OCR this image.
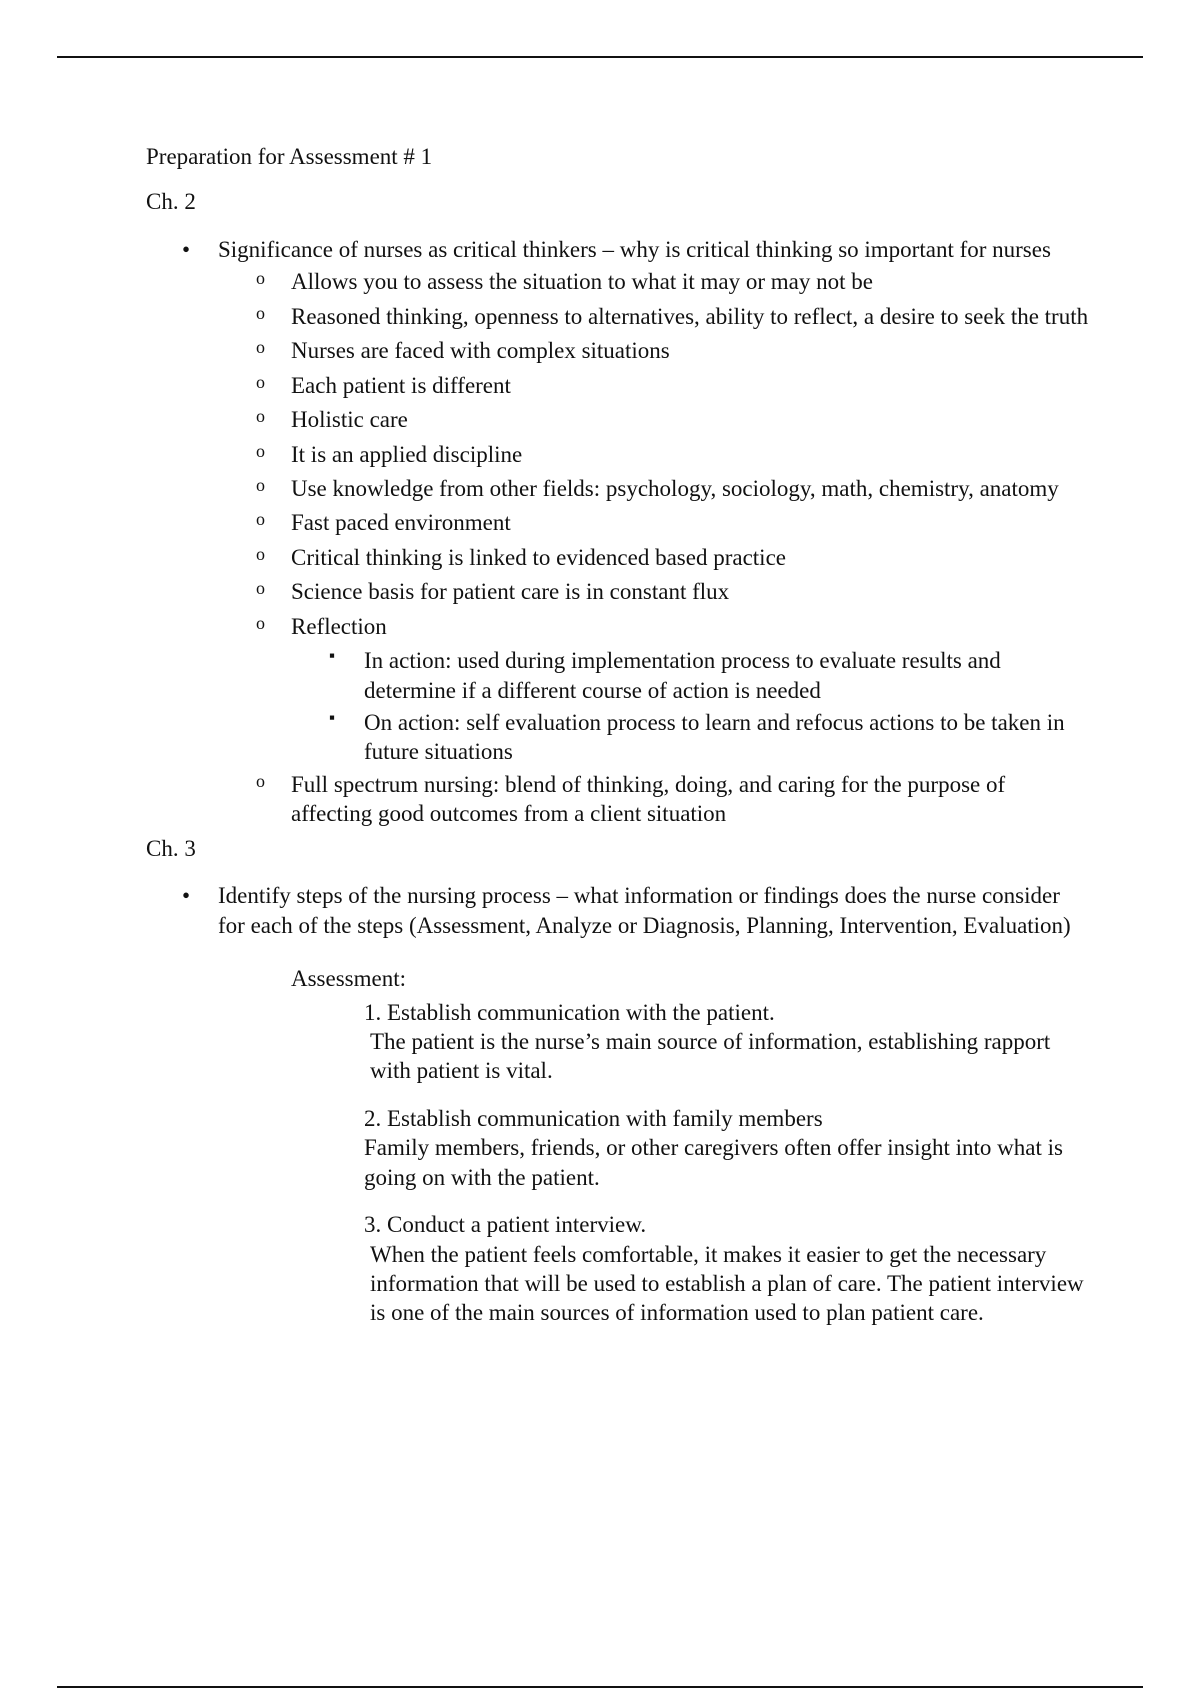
Preparation for Assessment # 1

Ch. 2

• Significance of nurses as critical thinkers – why is critical thinking so important for nurses
o Allows you to assess the situation to what it may or may not be
o Reasoned thinking, openness to alternatives, ability to reflect, a desire to seek the truth
o Nurses are faced with complex situations
o Each patient is different
o Holistic care
o It is an applied discipline
o Use knowledge from other fields: psychology, sociology, math, chemistry, anatomy
o Fast paced environment
o Critical thinking is linked to evidenced based practice
o Science basis for patient care is in constant flux
o Reflection
▪ In action: used during implementation process to evaluate results and determine if a different course of action is needed
▪ On action: self evaluation process to learn and refocus actions to be taken in future situations
o Full spectrum nursing: blend of thinking, doing, and caring for the purpose of affecting good outcomes from a client situation

Ch. 3

• Identify steps of the nursing process – what information or findings does the nurse consider for each of the steps (Assessment, Analyze or Diagnosis, Planning, Intervention, Evaluation)

Assessment:

1. Establish communication with the patient.
The patient is the nurse’s main source of information, establishing rapport with patient is vital.
2. Establish communication with family members
Family members, friends, or other caregivers often offer insight into what is going on with the patient.
3. Conduct a patient interview.
When the patient feels comfortable, it makes it easier to get the necessary information that will be used to establish a plan of care. The patient interview is one of the main sources of information used to plan patient care.
